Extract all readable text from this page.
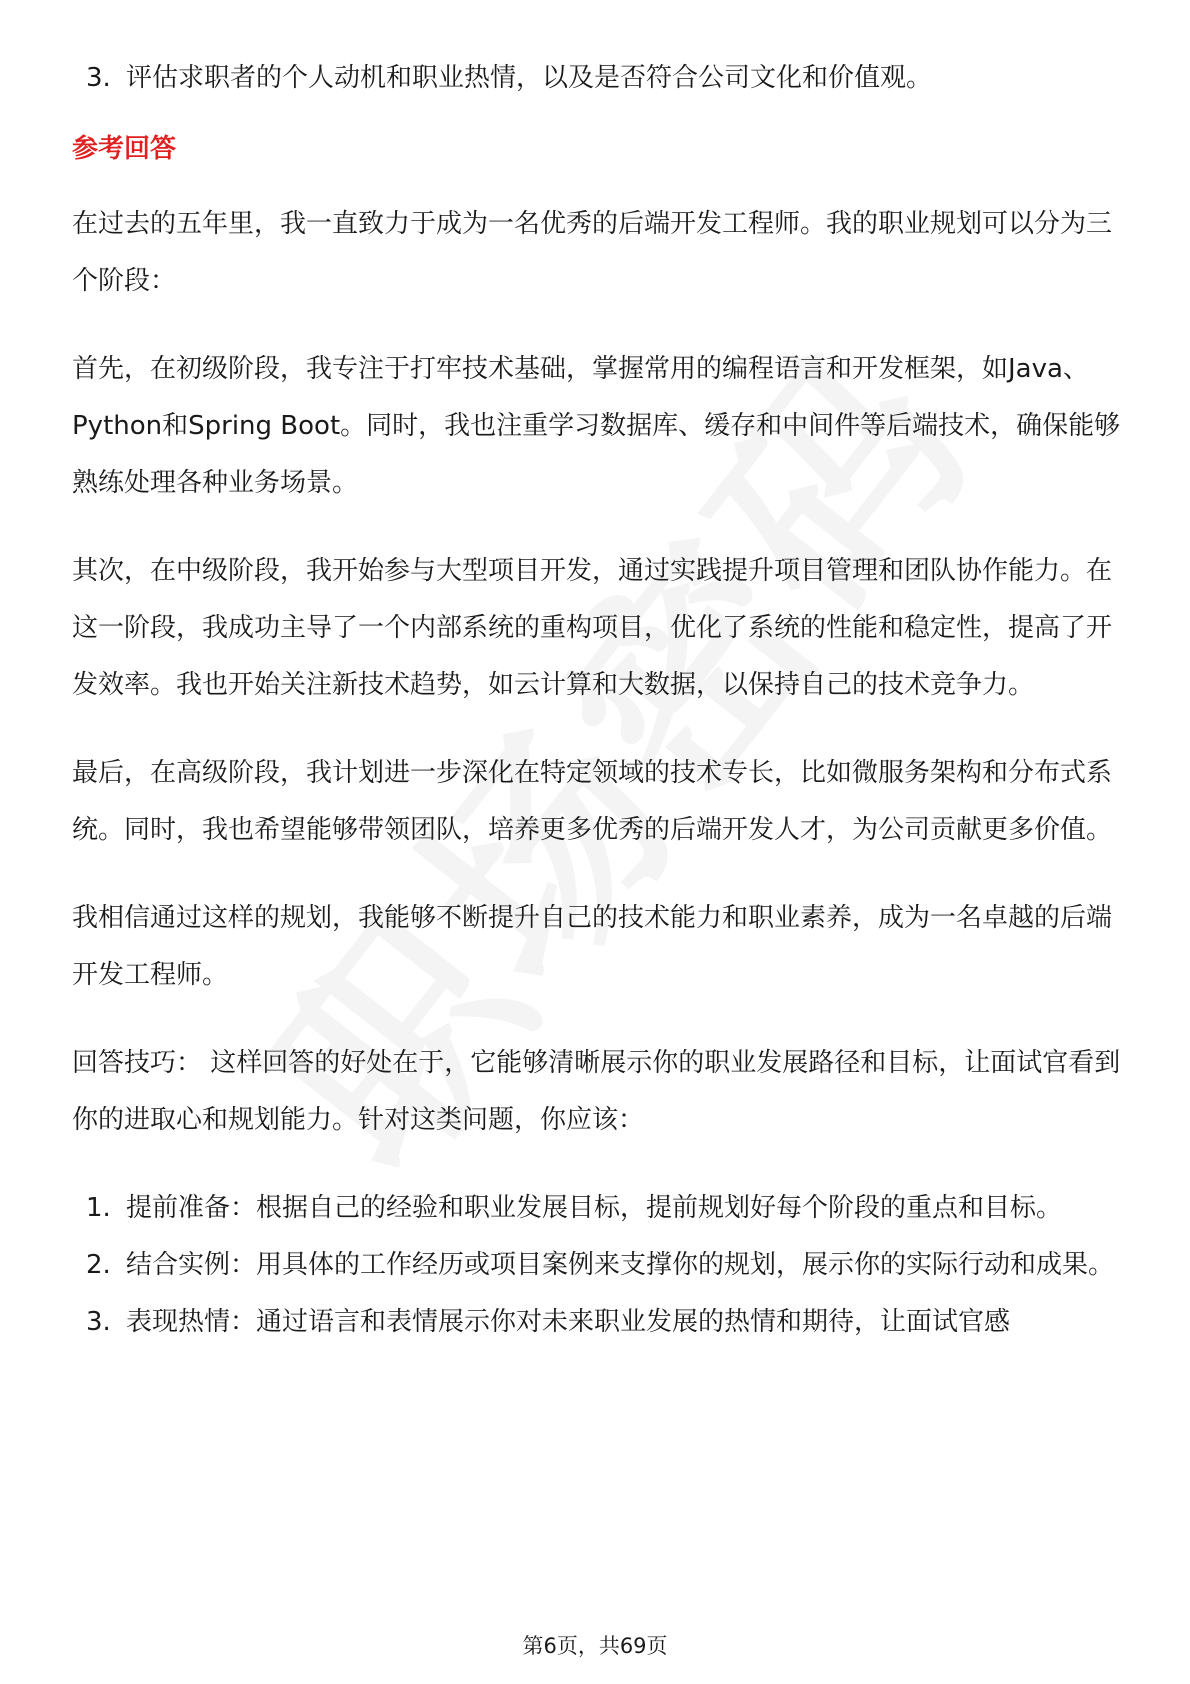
3. 评估求职者的个人动机和职业热情，以及是否符合公司文化和价值观。
参考回答

在过去的五年里，我一直致力于成为一名优秀的后端开发工程师。我的职业规划可以分为三个阶段：

首先，在初级阶段，我专注于打牢技术基础，掌握常用的编程语言和开发框架，如Java、Python和Spring Boot。同时，我也注重学习数据库、缓存和中间件等后端技术，确保能够熟练处理各种业务场景。

其次，在中级阶段，我开始参与大型项目开发，通过实践提升项目管理和团队协作能力。在这一阶段，我成功主导了一个内部系统的重构项目，优化了系统的性能和稳定性，提高了开发效率。我也开始关注新技术趋势，如云计算和大数据，以保持自己的技术竞争力。

最后，在高级阶段，我计划进一步深化在特定领域的技术专长，比如微服务架构和分布式系统。同时，我也希望能够带领团队，培养更多优秀的后端开发人才，为公司贡献更多价值。

我相信通过这样的规划，我能够不断提升自己的技术能力和职业素养，成为一名卓越的后端开发工程师。

回答技巧： 这样回答的好处在于，它能够清晰展示你的职业发展路径和目标，让面试官看到你的进取心和规划能力。针对这类问题，你应该：

1. 提前准备：根据自己的经验和职业发展目标，提前规划好每个阶段的重点和目标。
2. 结合实例：用具体的工作经历或项目案例来支撑你的规划，展示你的实际行动和成果。
3. 表现热情：通过语言和表情展示你对未来职业发展的热情和期待，让面试官感
第6页，共69页
